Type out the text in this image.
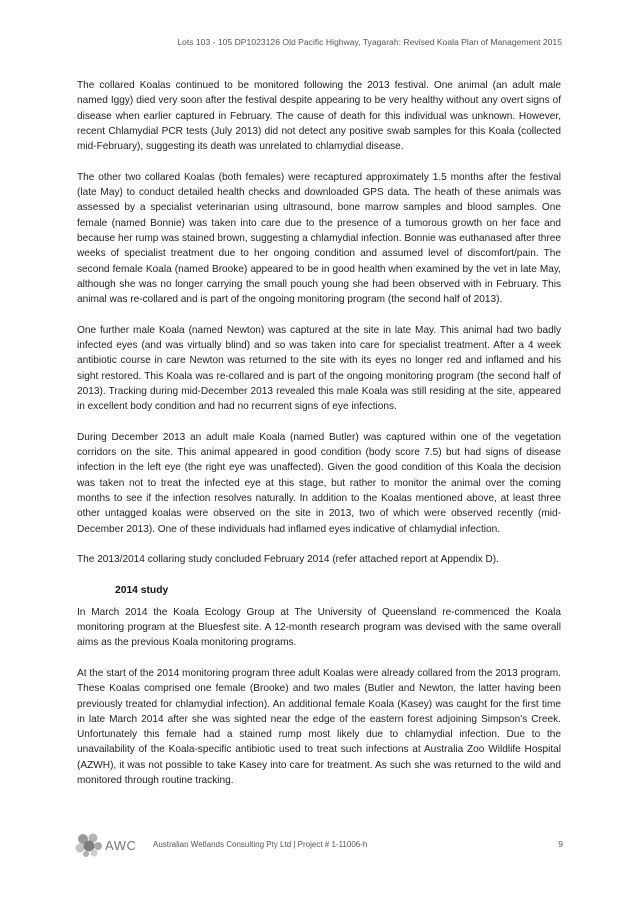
Lots 103 - 105 DP1023126 Old Pacific Highway, Tyagarah: Revised Koala Plan of Management 2015

The collared Koalas continued to be monitored following the 2013 festival. One animal (an adult male named Iggy) died very soon after the festival despite appearing to be very healthy without any overt signs of disease when earlier captured in February. The cause of death for this individual was unknown. However, recent Chlamydial PCR tests (July 2013) did not detect any positive swab samples for this Koala (collected mid-February), suggesting its death was unrelated to chlamydial disease.

The other two collared Koalas (both females) were recaptured approximately 1.5 months after the festival (late May) to conduct detailed health checks and downloaded GPS data. The heath of these animals was assessed by a specialist veterinarian using ultrasound, bone marrow samples and blood samples. One female (named Bonnie) was taken into care due to the presence of a tumorous growth on her face and because her rump was stained brown, suggesting a chlamydial infection. Bonnie was euthanased after three weeks of specialist treatment due to her ongoing condition and assumed level of discomfort/pain. The second female Koala (named Brooke) appeared to be in good health when examined by the vet in late May, although she was no longer carrying the small pouch young she had been observed with in February. This animal was re-collared and is part of the ongoing monitoring program (the second half of 2013).

One further male Koala (named Newton) was captured at the site in late May. This animal had two badly infected eyes (and was virtually blind) and so was taken into care for specialist treatment. After a 4 week antibiotic course in care Newton was returned to the site with its eyes no longer red and inflamed and his sight restored. This Koala was re-collared and is part of the ongoing monitoring program (the second half of 2013). Tracking during mid-December 2013 revealed this male Koala was still residing at the site, appeared in excellent body condition and had no recurrent signs of eye infections.

During December 2013 an adult male Koala (named Butler) was captured within one of the vegetation corridors on the site. This animal appeared in good condition (body score 7.5) but had signs of disease infection in the left eye (the right eye was unaffected). Given the good condition of this Koala the decision was taken not to treat the infected eye at this stage, but rather to monitor the animal over the coming months to see if the infection resolves naturally. In addition to the Koalas mentioned above, at least three other untagged koalas were observed on the site in 2013, two of which were observed recently (mid-December 2013). One of these individuals had inflamed eyes indicative of chlamydial infection.

The 2013/2014 collaring study concluded February 2014 (refer attached report at Appendix D).

2014 study

In March 2014 the Koala Ecology Group at The University of Queensland re-commenced the Koala monitoring program at the Bluesfest site. A 12-month research program was devised with the same overall aims as the previous Koala monitoring programs.

At the start of the 2014 monitoring program three adult Koalas were already collared from the 2013 program. These Koalas comprised one female (Brooke) and two males (Butler and Newton, the latter having been previously treated for chlamydial infection). An additional female Koala (Kasey) was caught for the first time in late March 2014 after she was sighted near the edge of the eastern forest adjoining Simpson's Creek. Unfortunately this female had a stained rump most likely due to chlamydial infection. Due to the unavailability of the Koala-specific antibiotic used to treat such infections at Australia Zoo Wildlife Hospital (AZWH), it was not possible to take Kasey into care for treatment. As such she was returned to the wild and monitored through routine tracking.

AWC Australian Wetlands Consulting Pty Ltd | Project # 1-11006-h	9
